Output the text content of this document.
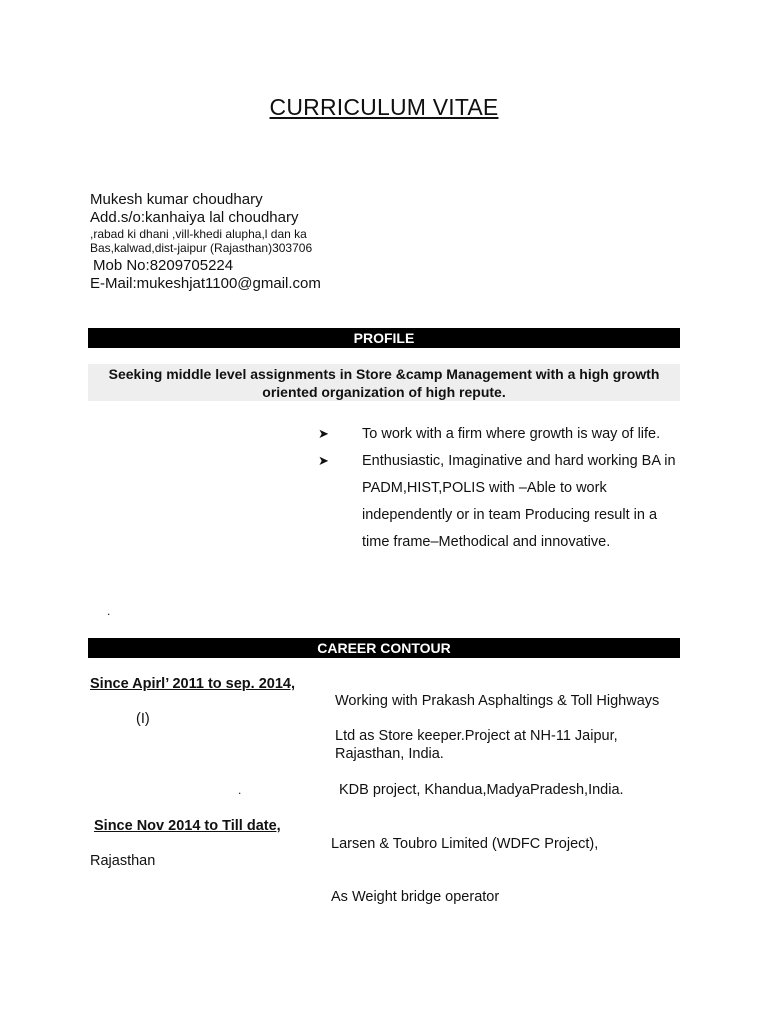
CURRICULUM VITAE
Mukesh kumar choudhary
Add.s/o:kanhaiya lal choudhary
,rabad ki dhani ,vill-khedi alupha,l dan ka
Bas,kalwad,dist-jaipur (Rajasthan)303706
Mob No:8209705224
E-Mail:mukeshjat1100@gmail.com
PROFILE
Seeking middle level assignments in Store &camp Management with a high growth
oriented organization of high repute.
➤ To work with a firm where growth is way of life.
➤ Enthusiastic, Imaginative and hard working BA in PADM,HIST,POLIS with –Able to work independently or in team Producing result in a time frame–Methodical and innovative.
.
CAREER CONTOUR
Since Apirl’ 2011 to sep. 2014,
Working with Prakash Asphaltings & Toll Highways
(I)
Ltd as Store keeper.Project at NH-11 Jaipur,
Rajasthan, India.
.	KDB project, Khandua,MadyaPradesh,India.
Since Nov 2014 to Till date,
Larsen & Toubro Limited (WDFC Project),
Rajasthan
As Weight bridge operator
